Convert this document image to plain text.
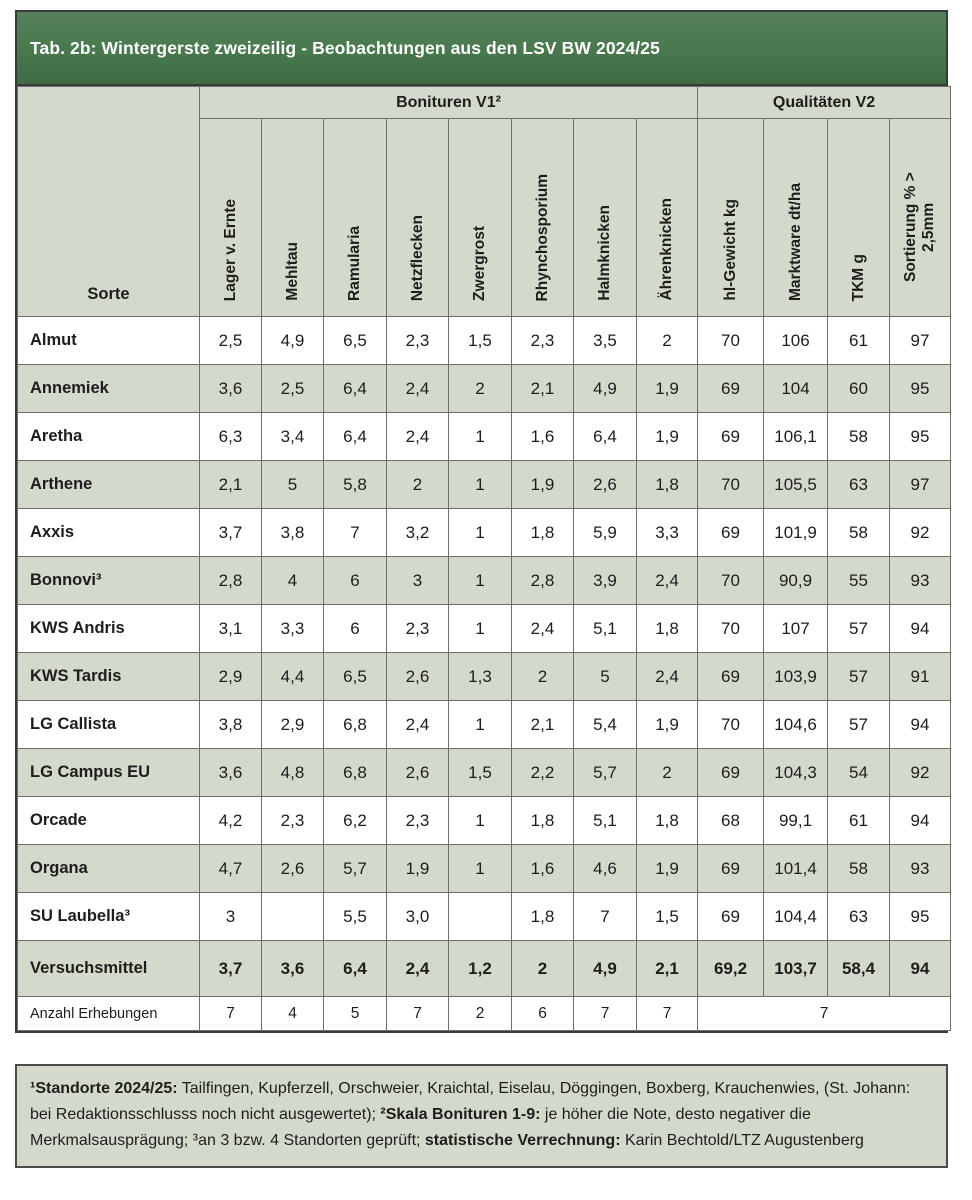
Tab. 2b: Wintergerste zweizeilig - Beobachtungen aus den LSV BW 2024/25
Sorte	Bonituren V1²								Qualitäten V2			
	Lager v. Ernte	Mehltau	Ramularia	Netzflecken	Zwergrost	Rhynchosporium	Halmknicken	Ährenknicken	hl-Gewicht kg	Marktware dt/ha	TKM g	Sortierung % > 2,5mm
Almut	2,5	4,9	6,5	2,3	1,5	2,3	3,5	2	70	106	61	97
Annemiek	3,6	2,5	6,4	2,4	2	2,1	4,9	1,9	69	104	60	95
Aretha	6,3	3,4	6,4	2,4	1	1,6	6,4	1,9	69	106,1	58	95
Arthene	2,1	5	5,8	2	1	1,9	2,6	1,8	70	105,5	63	97
Axxis	3,7	3,8	7	3,2	1	1,8	5,9	3,3	69	101,9	58	92
Bonnovi³	2,8	4	6	3	1	2,8	3,9	2,4	70	90,9	55	93
KWS Andris	3,1	3,3	6	2,3	1	2,4	5,1	1,8	70	107	57	94
KWS Tardis	2,9	4,4	6,5	2,6	1,3	2	5	2,4	69	103,9	57	91
LG Callista	3,8	2,9	6,8	2,4	1	2,1	5,4	1,9	70	104,6	57	94
LG Campus EU	3,6	4,8	6,8	2,6	1,5	2,2	5,7	2	69	104,3	54	92
Orcade	4,2	2,3	6,2	2,3	1	1,8	5,1	1,8	68	99,1	61	94
Organa	4,7	2,6	5,7	1,9	1	1,6	4,6	1,9	69	101,4	58	93
SU Laubella³	3		5,5	3,0		1,8	7	1,5	69	104,4	63	95
Versuchsmittel	3,7	3,6	6,4	2,4	1,2	2	4,9	2,1	69,2	103,7	58,4	94
Anzahl Erhebungen	7	4	5	7	2	6	7	7	7			
¹Standorte 2024/25: Tailfingen, Kupferzell, Orschweier, Kraichtal, Eiselau, Döggingen, Boxberg, Krauchenwies, (St. Johann: bei Redaktionsschlusss noch nicht ausgewertet); ²Skala Bonituren 1-9: je höher die Note, desto negativer die Merkmalsausprägung; ³an 3 bzw. 4 Standorten geprüft; statistische Verrechnung: Karin Bechtold/LTZ Augustenberg
